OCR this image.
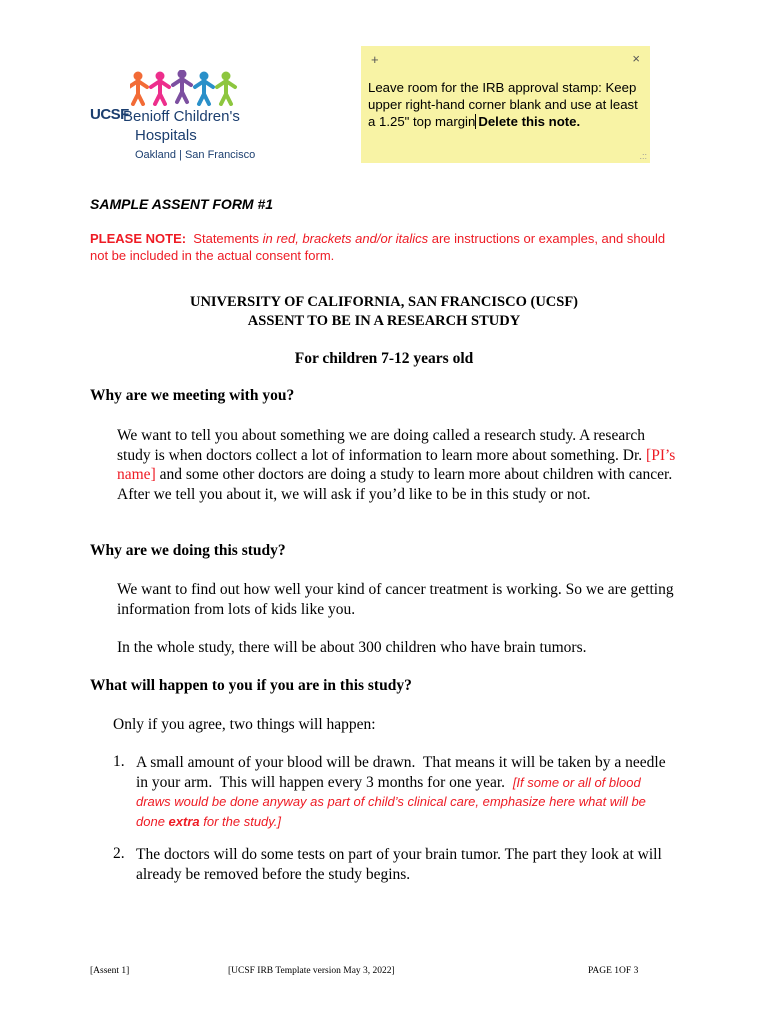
UCSF
Benioff Children's
Hospitals
Oakland | San Francisco
+	×
Leave room for the IRB approval stamp: Keep upper right-hand corner blank and use at least a 1.25" top margin Delete this note.
.::
SAMPLE ASSENT FORM #1
PLEASE NOTE:  Statements in red, brackets and/or italics are instructions or examples, and should not be included in the actual consent form.
UNIVERSITY OF CALIFORNIA, SAN FRANCISCO (UCSF)
ASSENT TO BE IN A RESEARCH STUDY
For children 7-12 years old
Why are we meeting with you?
We want to tell you about something we are doing called a research study. A research study is when doctors collect a lot of information to learn more about something. Dr. [PI’s name] and some other doctors are doing a study to learn more about children with cancer. After we tell you about it, we will ask if you’d like to be in this study or not.
Why are we doing this study?
We want to find out how well your kind of cancer treatment is working. So we are getting information from lots of kids like you.
In the whole study, there will be about 300 children who have brain tumors.
What will happen to you if you are in this study?
Only if you agree, two things will happen:
1. A small amount of your blood will be drawn.  That means it will be taken by a needle in your arm.  This will happen every 3 months for one year.  [If some or all of blood draws would be done anyway as part of child’s clinical care, emphasize here what will be done extra for the study.]
2. The doctors will do some tests on part of your brain tumor. The part they look at will already be removed before the study begins.
[Assent 1]	[UCSF IRB Template version May 3, 2022]	PAGE 1OF 3
